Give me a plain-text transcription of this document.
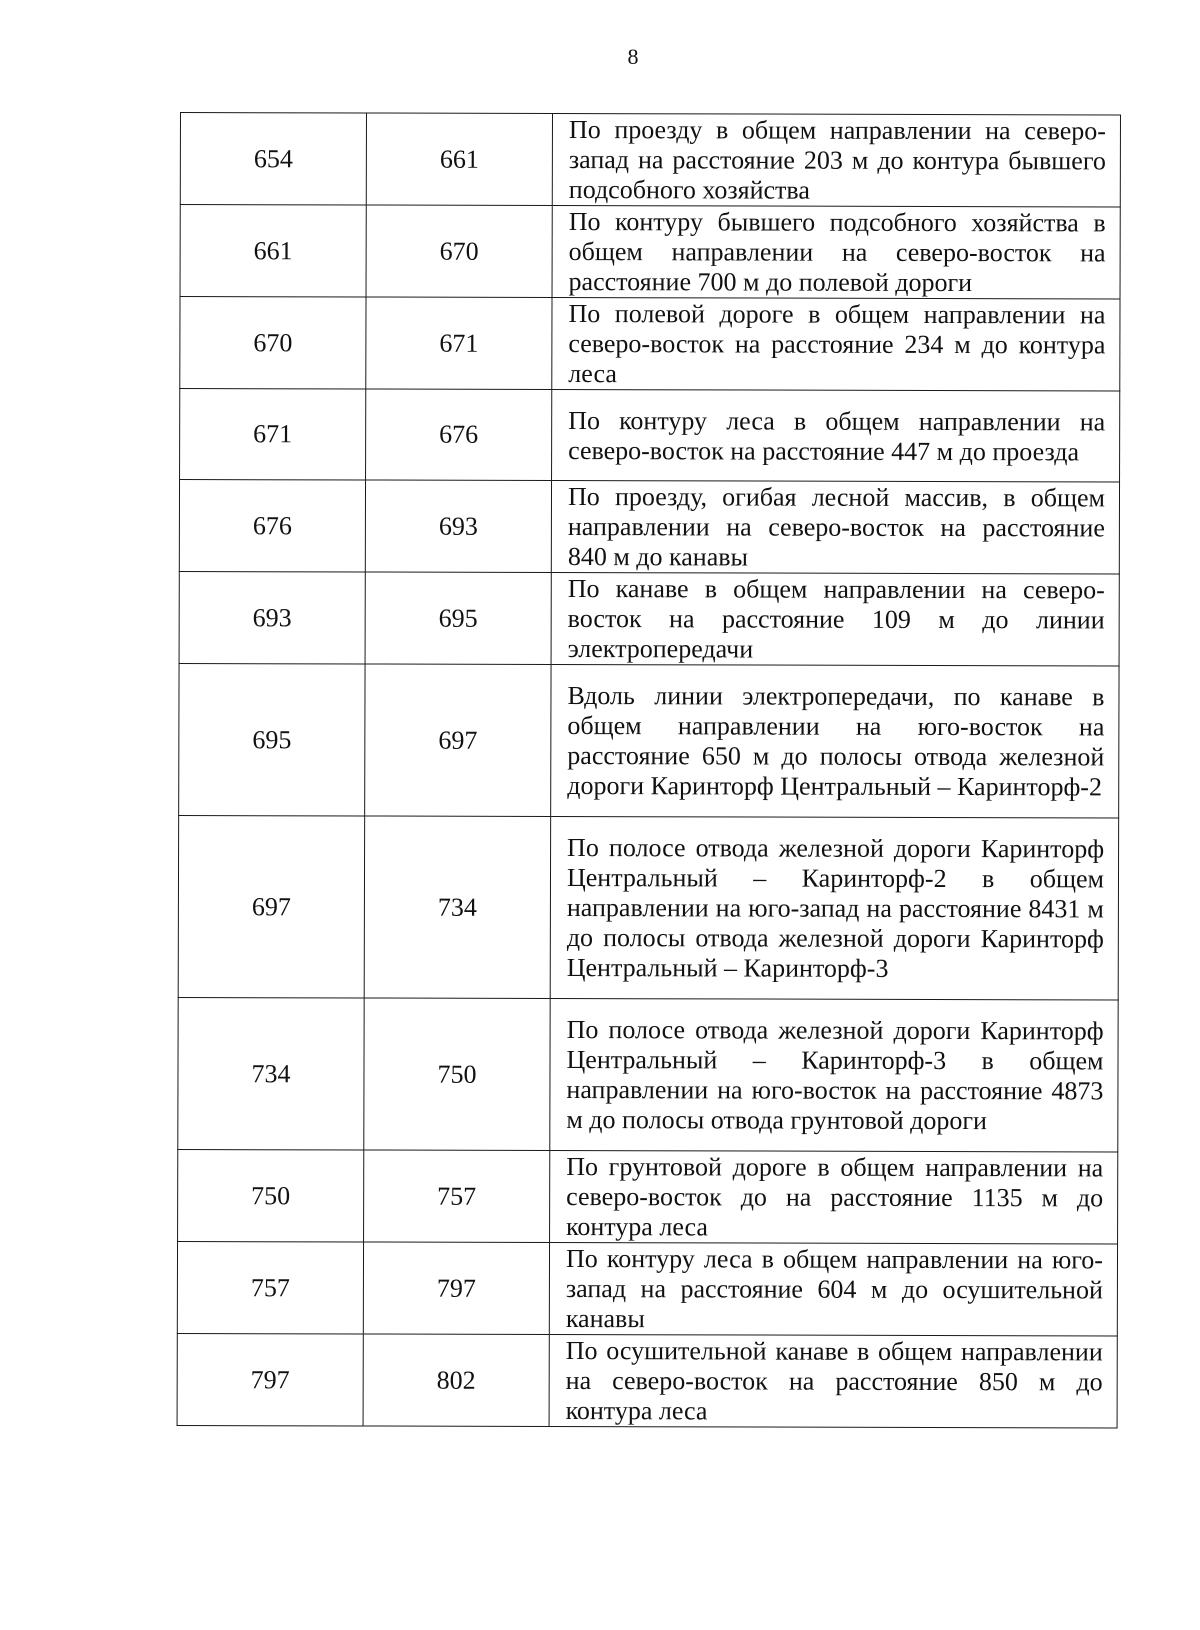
8
654	661	По проезду в общем направлении на северо-запад на расстояние 203 м до контура бывшего подсобного хозяйства
661	670	По контуру бывшего подсобного хозяйства в общем направлении на северо-восток на расстояние 700 м до полевой дороги
670	671	По полевой дороге в общем направлении на северо-восток на расстояние 234 м до контура леса
671	676	По контуру леса в общем направлении на северо-восток на расстояние 447 м до проезда
676	693	По проезду, огибая лесной массив, в общем направлении на северо-восток на расстояние 840 м до канавы
693	695	По канаве в общем направлении на северо-восток на расстояние 109 м до линии электропередачи
695	697	Вдоль линии электропередачи, по канаве в общем направлении на юго-восток на расстояние 650 м до полосы отвода железной дороги Каринторф Центральный – Каринторф-2
697	734	По полосе отвода железной дороги Каринторф Центральный – Каринторф-2 в общем направлении на юго-запад на расстояние 8431 м до полосы отвода железной дороги Каринторф Центральный – Каринторф-3
734	750	По полосе отвода железной дороги Каринторф Центральный – Каринторф-3 в общем направлении на юго-восток на расстояние 4873 м до полосы отвода грунтовой дороги
750	757	По грунтовой дороге в общем направлении на северо-восток до на расстояние 1135 м до контура леса
757	797	По контуру леса в общем направлении на юго-запад на расстояние 604 м до осушительной канавы
797	802	По осушительной канаве в общем направлении на северо-восток на расстояние 850 м до контура леса
